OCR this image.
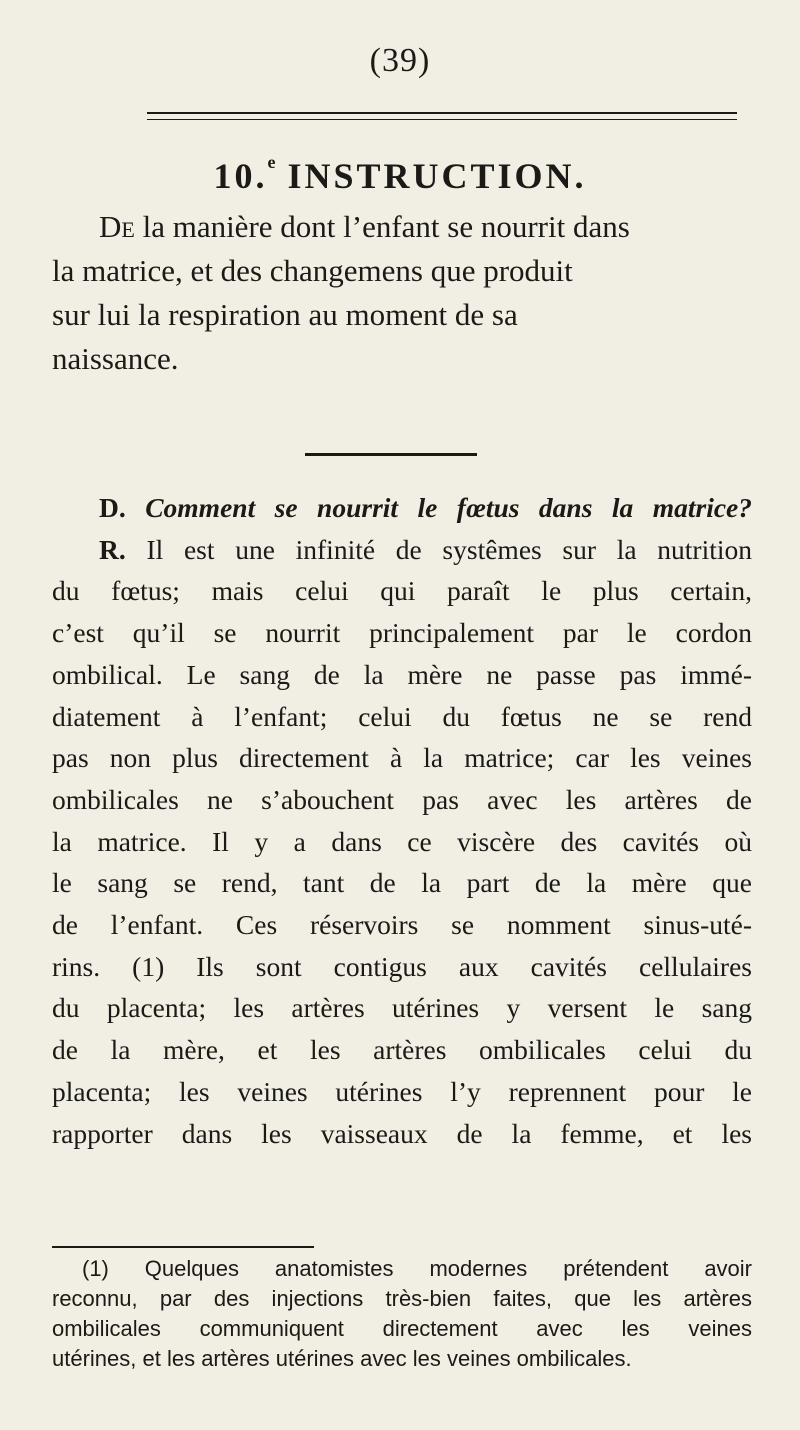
(39)
10.$^e$ INSTRUCTION.
De la manière dont l’enfant se nourrit dans
la matrice, et des changemens que produit
sur lui la respiration au moment de sa
naissance.
D. Comment se nourrit le fœtus dans la matrice?
R. Il est une infinité de systêmes sur la nutrition
du fœtus; mais celui qui paraît le plus certain,
c’est qu’il se nourrit principalement par le cordon
ombilical. Le sang de la mère ne passe pas immé-
diatement à l’enfant; celui du fœtus ne se rend
pas non plus directement à la matrice; car les veines
ombilicales ne s’abouchent pas avec les artères de
la matrice. Il y a dans ce viscère des cavités où
le sang se rend, tant de la part de la mère que
de l’enfant. Ces réservoirs se nomment sinus-uté-
rins. (1) Ils sont contigus aux cavités cellulaires
du placenta; les artères utérines y versent le sang
de la mère, et les artères ombilicales celui du
placenta; les veines utérines l’y reprennent pour le
rapporter dans les vaisseaux de la femme, et les
(1) Quelques anatomistes modernes prétendent avoir
reconnu, par des injections très-bien faites, que les artères
ombilicales communiquent directement avec les veines
utérines, et les artères utérines avec les veines ombilicales.
